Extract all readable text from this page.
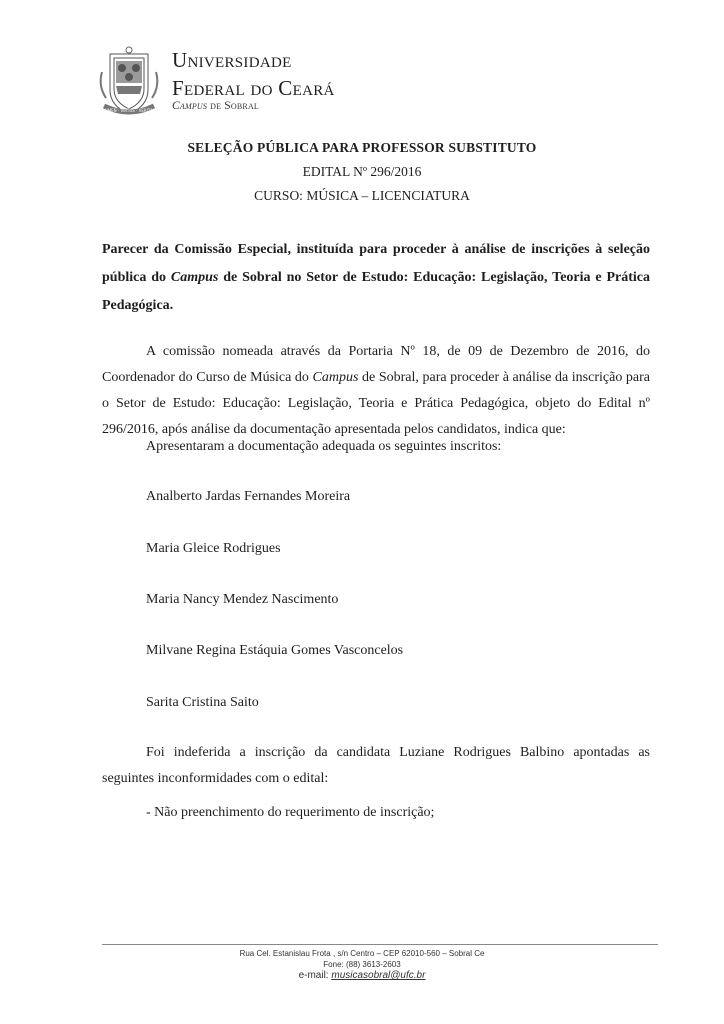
LUMEN · VIRTUS · VERITAS
Universidade
Federal do Ceará
Campus de Sobral
SELEÇÃO PÚBLICA PARA PROFESSOR SUBSTITUTO
EDITAL Nº 296/2016
CURSO: MÚSICA – LICENCIATURA
Parecer da Comissão Especial, instituída para proceder à análise de inscrições à seleção pública do Campus de Sobral no Setor de Estudo: Educação: Legislação, Teoria e Prática Pedagógica.
A comissão nomeada através da Portaria Nº 18, de 09 de Dezembro de 2016, do Coordenador do Curso de Música do Campus de Sobral, para proceder à análise da inscrição para o Setor de Estudo: Educação: Legislação, Teoria e Prática Pedagógica, objeto do Edital nº 296/2016, após análise da documentação apresentada pelos candidatos, indica que:
Apresentaram a documentação adequada os seguintes inscritos:
Analberto Jardas Fernandes Moreira
Maria Gleice Rodrigues
Maria Nancy Mendez Nascimento
Milvane Regina Estáquia Gomes Vasconcelos
Sarita Cristina Saito
Foi indeferida a inscrição da candidata Luziane Rodrigues Balbino apontadas as seguintes inconformidades com o edital:
- Não preenchimento do requerimento de inscrição;
Rua Cel. Estanislau Frota , s/n Centro – CEP 62010-560 – Sobral Ce
Fone: (88) 3613-2603
e-mail: musicasobral@ufc.br
